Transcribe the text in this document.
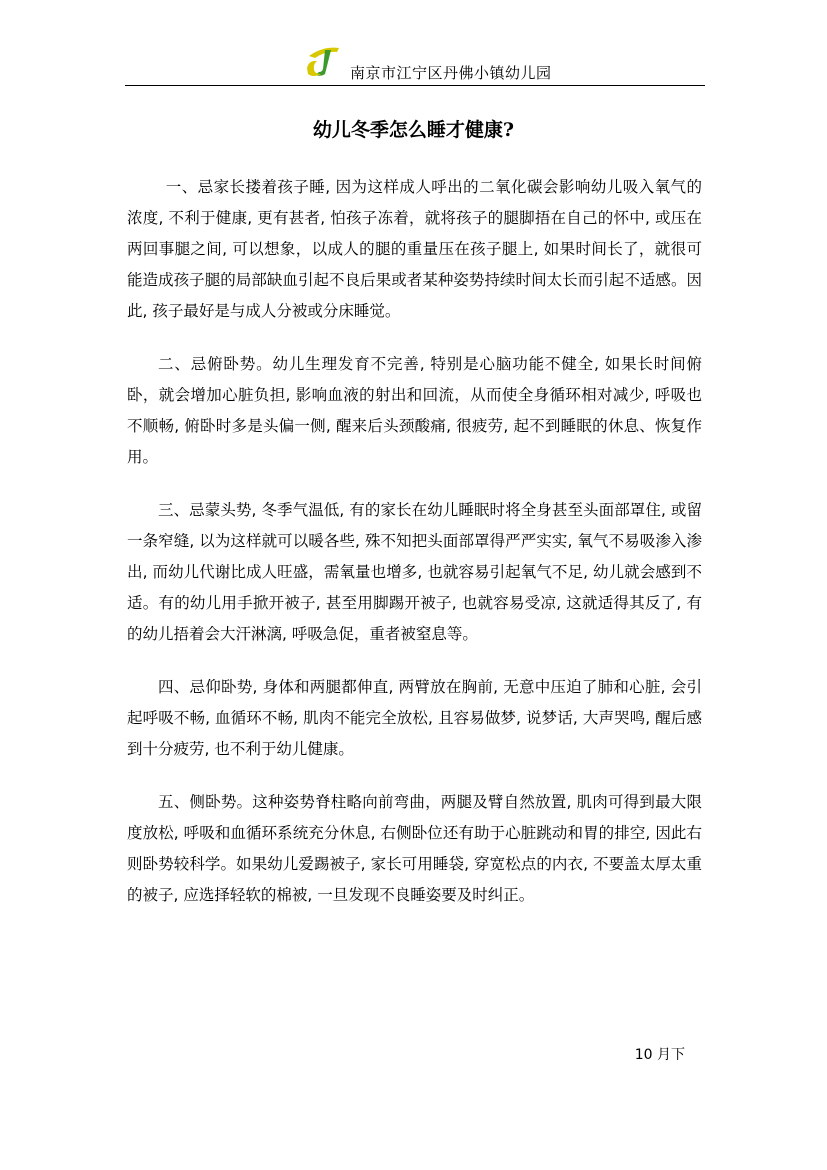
南京市江宁区丹佛小镇幼儿园
幼儿冬季怎么睡才健康?

一、忌家长搂着孩子睡, 因为这样成人呼出的二氧化碳会影响幼儿吸入氧气的浓度, 不利于健康, 更有甚者, 怕孩子冻着，就将孩子的腿脚捂在自己的怀中, 或压在两回事腿之间, 可以想象，以成人的腿的重量压在孩子腿上, 如果时间长了，就很可能造成孩子腿的局部缺血引起不良后果或者某种姿势持续时间太长而引起不适感。因此, 孩子最好是与成人分被或分床睡觉。

二、忌俯卧势。幼儿生理发育不完善, 特别是心脑功能不健全, 如果长时间俯卧，就会增加心脏负担, 影响血液的射出和回流，从而使全身循环相对减少, 呼吸也不顺畅, 俯卧时多是头偏一侧, 醒来后头颈酸痛, 很疲劳, 起不到睡眠的休息、恢复作用。

三、忌蒙头势, 冬季气温低, 有的家长在幼儿睡眠时将全身甚至头面部罩住, 或留一条窄缝, 以为这样就可以暖各些, 殊不知把头面部罩得严严实实, 氧气不易吸渗入渗出, 而幼儿代谢比成人旺盛，需氧量也增多, 也就容易引起氧气不足, 幼儿就会感到不适。有的幼儿用手掀开被子, 甚至用脚踢开被子, 也就容易受凉, 这就适得其反了, 有的幼儿捂着会大汗淋漓, 呼吸急促，重者被窒息等。

四、忌仰卧势, 身体和两腿都伸直, 两臂放在胸前, 无意中压迫了肺和心脏, 会引起呼吸不畅, 血循环不畅, 肌肉不能完全放松, 且容易做梦, 说梦话, 大声哭鸣, 醒后感到十分疲劳, 也不利于幼儿健康。

五、侧卧势。这种姿势脊柱略向前弯曲，两腿及臂自然放置, 肌肉可得到最大限度放松, 呼吸和血循环系统充分休息, 右侧卧位还有助于心脏跳动和胃的排空, 因此右则卧势较科学。如果幼儿爱踢被子, 家长可用睡袋, 穿宽松点的内衣, 不要盖太厚太重的被子, 应选择轻软的棉被, 一旦发现不良睡姿要及时纠正。

10 月下
